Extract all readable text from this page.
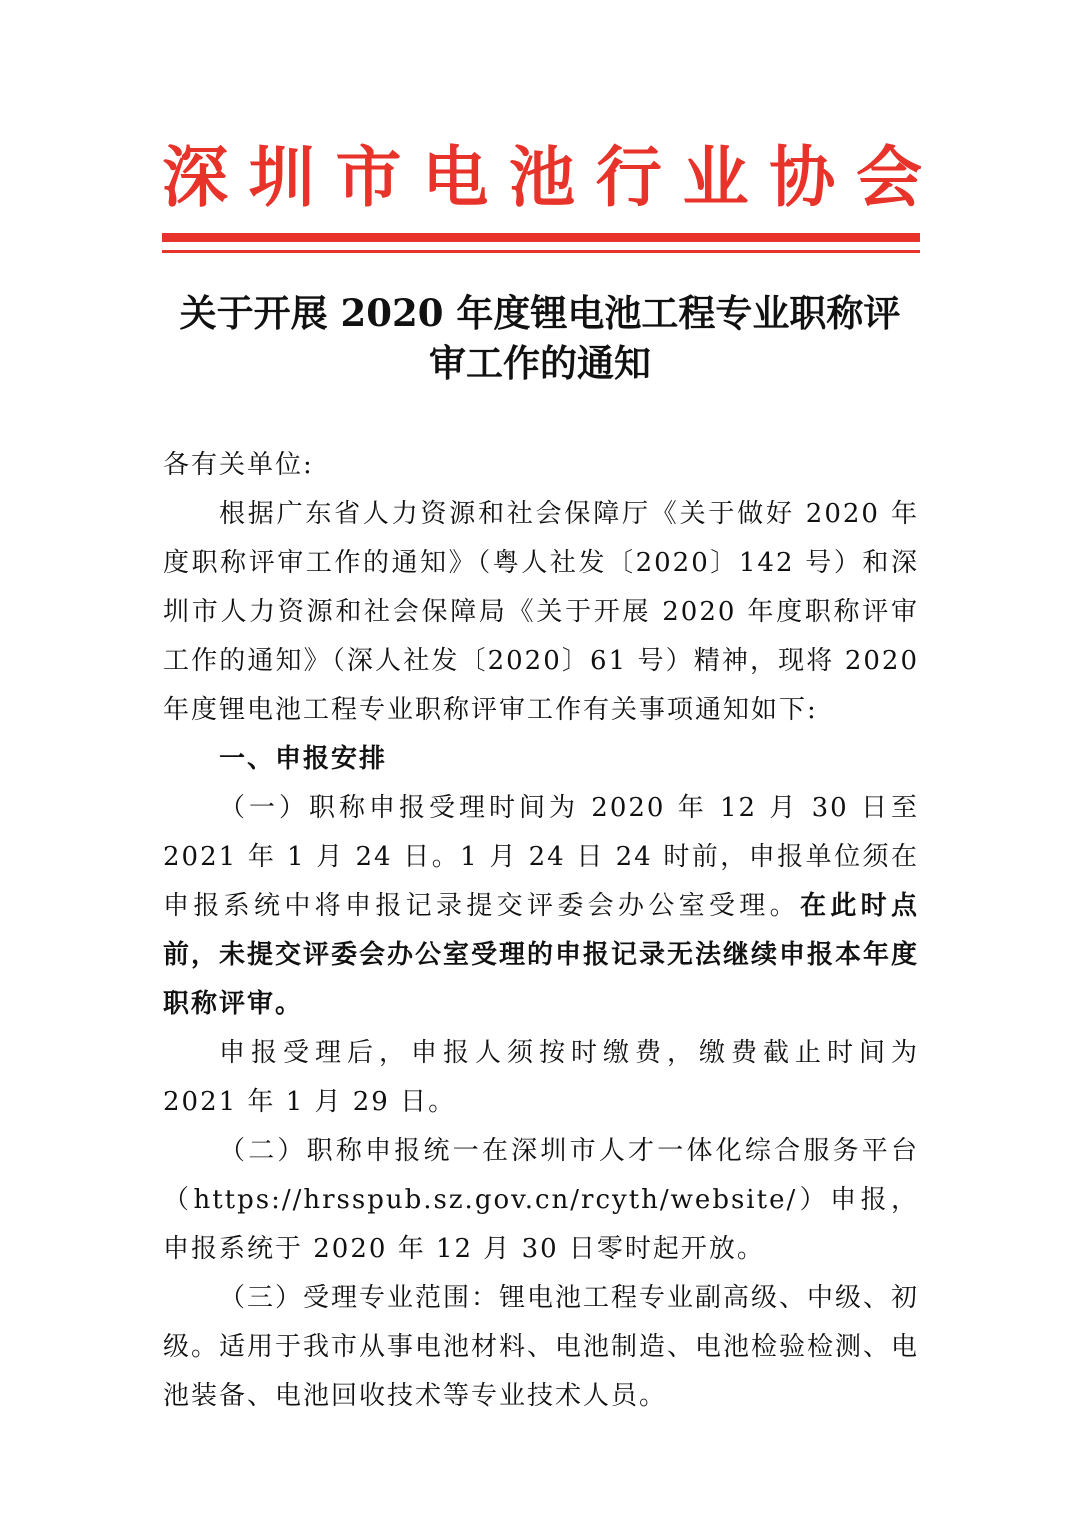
深 圳 市 电 池 行 业 协 会
关于开展 2020 年度锂电池工程专业职称评
审工作的通知

各有关单位:

根据广东省人力资源和社会保障厅《关于做好 2020 年度职称评审工作的通知》（粤人社发〔2020〕142 号）和深圳市人力资源和社会保障局《关于开展 2020 年度职称评审工作的通知》（深人社发〔2020〕61 号）精神，现将 2020 年度锂电池工程专业职称评审工作有关事项通知如下:

一、申报安排

（一）职称申报受理时间为 2020 年 12 月 30 日至 2021 年 1 月 24 日。1 月 24 日 24 时前，申报单位须在申报系统中将申报记录提交评委会办公室受理。在此时点前，未提交评委会办公室受理的申报记录无法继续申报本年度职称评审。

申报受理后，申报人须按时缴费，缴费截止时间为 2021 年 1 月 29 日。

（二）职称申报统一在深圳市人才一体化综合服务平台（https://hrsspub.sz.gov.cn/rcyth/website/）申报，申报系统于 2020 年 12 月 30 日零时起开放。

（三）受理专业范围：锂电池工程专业副高级、中级、初级。适用于我市从事电池材料、电池制造、电池检验检测、电池装备、电池回收技术等专业技术人员。
